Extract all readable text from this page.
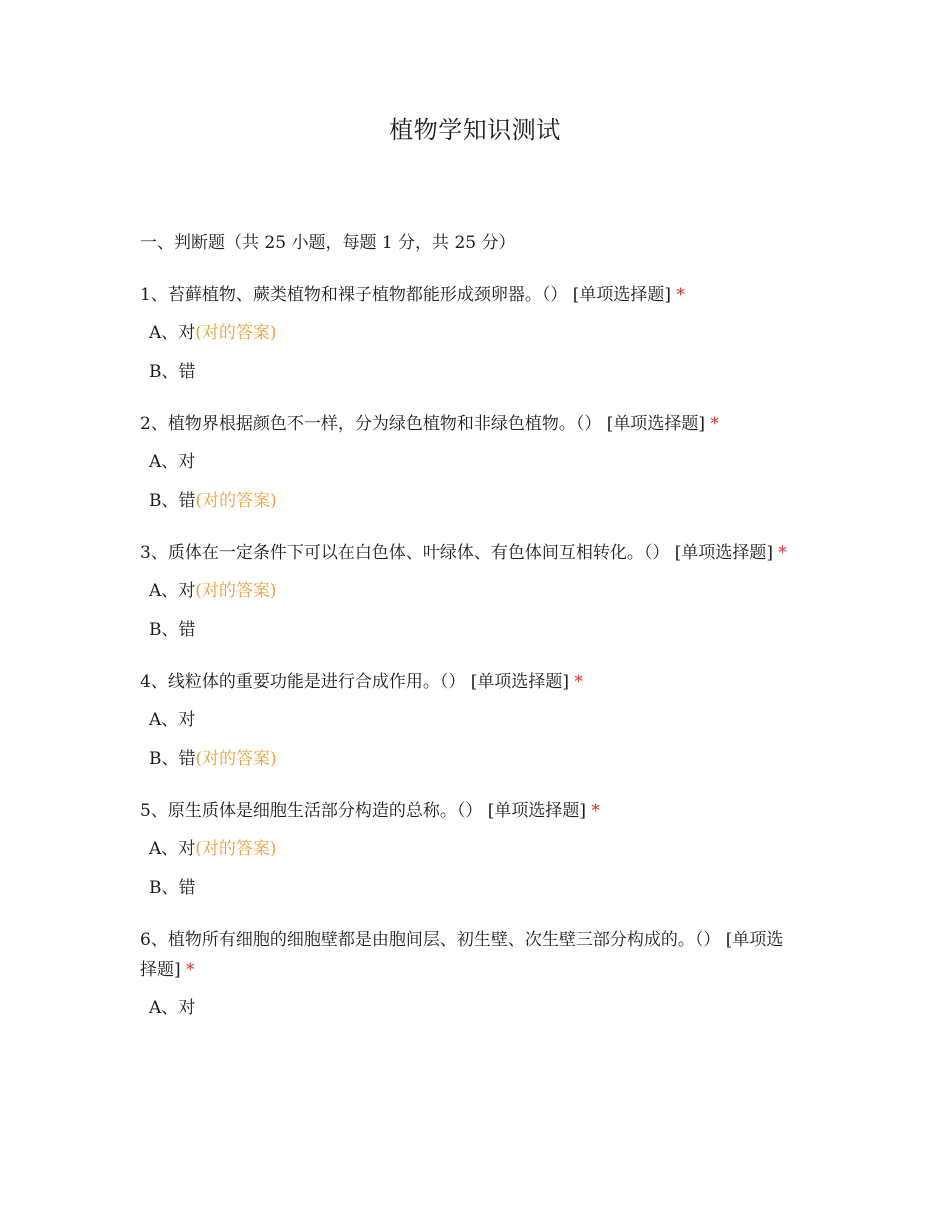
植物学知识测试
一、判断题（共 25 小题，每题 1 分，共 25 分）
1、苔藓植物、蕨类植物和裸子植物都能形成颈卵器。（） [单项选择题] *
A、对(对的答案)
B、错
2、植物界根据颜色不一样，分为绿色植物和非绿色植物。（） [单项选择题] *
A、对
B、错(对的答案)
3、质体在一定条件下可以在白色体、叶绿体、有色体间互相转化。（） [单项选择题] *
A、对(对的答案)
B、错
4、线粒体的重要功能是进行合成作用。（） [单项选择题] *
A、对
B、错(对的答案)
5、原生质体是细胞生活部分构造的总称。（） [单项选择题] *
A、对(对的答案)
B、错
6、植物所有细胞的细胞壁都是由胞间层、初生壁、次生壁三部分构成的。（） [单项选择题] *
A、对
